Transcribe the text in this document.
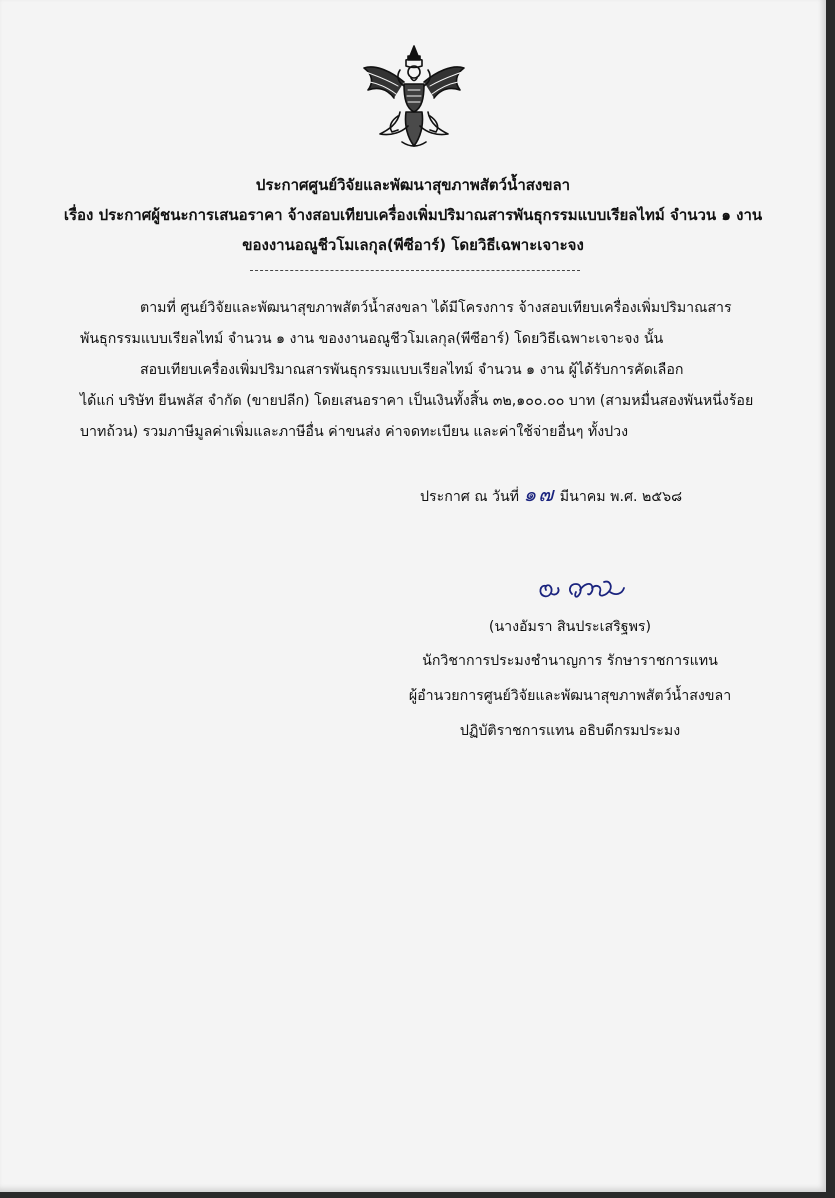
ประกาศศูนย์วิจัยและพัฒนาสุขภาพสัตว์น้ำสงขลา
เรื่อง ประกาศผู้ชนะการเสนอราคา จ้างสอบเทียบเครื่องเพิ่มปริมาณสารพันธุกรรมแบบเรียลไทม์ จำนวน ๑ งาน
ของงานอณูชีวโมเลกุล(พีซีอาร์) โดยวิธีเฉพาะเจาะจง
ตามที่ ศูนย์วิจัยและพัฒนาสุขภาพสัตว์น้ำสงขลา ได้มีโครงการ จ้างสอบเทียบเครื่องเพิ่มปริมาณสาร
พันธุกรรมแบบเรียลไทม์ จำนวน ๑ งาน ของงานอณูชีวโมเลกุล(พีซีอาร์) โดยวิธีเฉพาะเจาะจง นั้น
สอบเทียบเครื่องเพิ่มปริมาณสารพันธุกรรมแบบเรียลไทม์ จำนวน ๑ งาน ผู้ได้รับการคัดเลือก
ได้แก่ บริษัท ยีนพลัส จำกัด (ขายปลีก) โดยเสนอราคา เป็นเงินทั้งสิ้น ๓๒,๑๐๐.๐๐ บาท (สามหมื่นสองพันหนึ่งร้อย
บาทถ้วน) รวมภาษีมูลค่าเพิ่มและภาษีอื่น ค่าขนส่ง ค่าจดทะเบียน และค่าใช้จ่ายอื่นๆ ทั้งปวง
ประกาศ ณ วันที่ ๑๗ มีนาคม พ.ศ. ๒๕๖๘
(นางอัมรา สินประเสริฐพร)
นักวิชาการประมงชำนาญการ รักษาราชการแทน
ผู้อำนวยการศูนย์วิจัยและพัฒนาสุขภาพสัตว์น้ำสงขลา
ปฏิบัติราชการแทน อธิบดีกรมประมง
